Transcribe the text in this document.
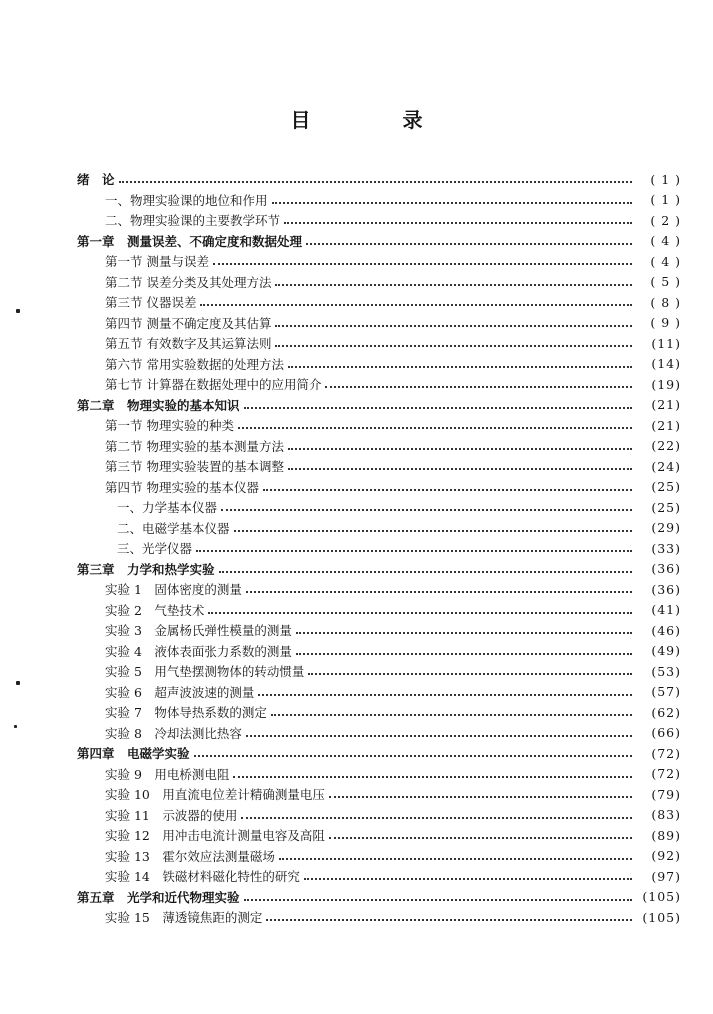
目　录
绪　论	( 1 )
一、物理实验课的地位和作用	( 1 )
二、物理实验课的主要教学环节	( 2 )
第一章　测量误差、不确定度和数据处理	( 4 )
第一节 测量与误差	( 4 )
第二节 误差分类及其处理方法	( 5 )
第三节 仪器误差	( 8 )
第四节 测量不确定度及其估算	( 9 )
第五节 有效数字及其运算法则	(11)
第六节 常用实验数据的处理方法	(14)
第七节 计算器在数据处理中的应用简介	(19)
第二章　物理实验的基本知识	(21)
第一节 物理实验的种类	(21)
第二节 物理实验的基本测量方法	(22)
第三节 物理实验装置的基本调整	(24)
第四节 物理实验的基本仪器	(25)
一、力学基本仪器	(25)
二、电磁学基本仪器	(29)
三、光学仪器	(33)
第三章　力学和热学实验	(36)
实验 1　固体密度的测量	(36)
实验 2　气垫技术	(41)
实验 3　金属杨氏弹性模量的测量	(46)
实验 4　液体表面张力系数的测量	(49)
实验 5　用气垫摆测物体的转动惯量	(53)
实验 6　超声波波速的测量	(57)
实验 7　物体导热系数的测定	(62)
实验 8　冷却法测比热容	(66)
第四章　电磁学实验	(72)
实验 9　用电桥测电阻	(72)
实验 10　用直流电位差计精确测量电压	(79)
实验 11　示波器的使用	(83)
实验 12　用冲击电流计测量电容及高阻	(89)
实验 13　霍尔效应法测量磁场	(92)
实验 14　铁磁材料磁化特性的研究	(97)
第五章　光学和近代物理实验	(105)
实验 15　薄透镜焦距的测定	(105)
